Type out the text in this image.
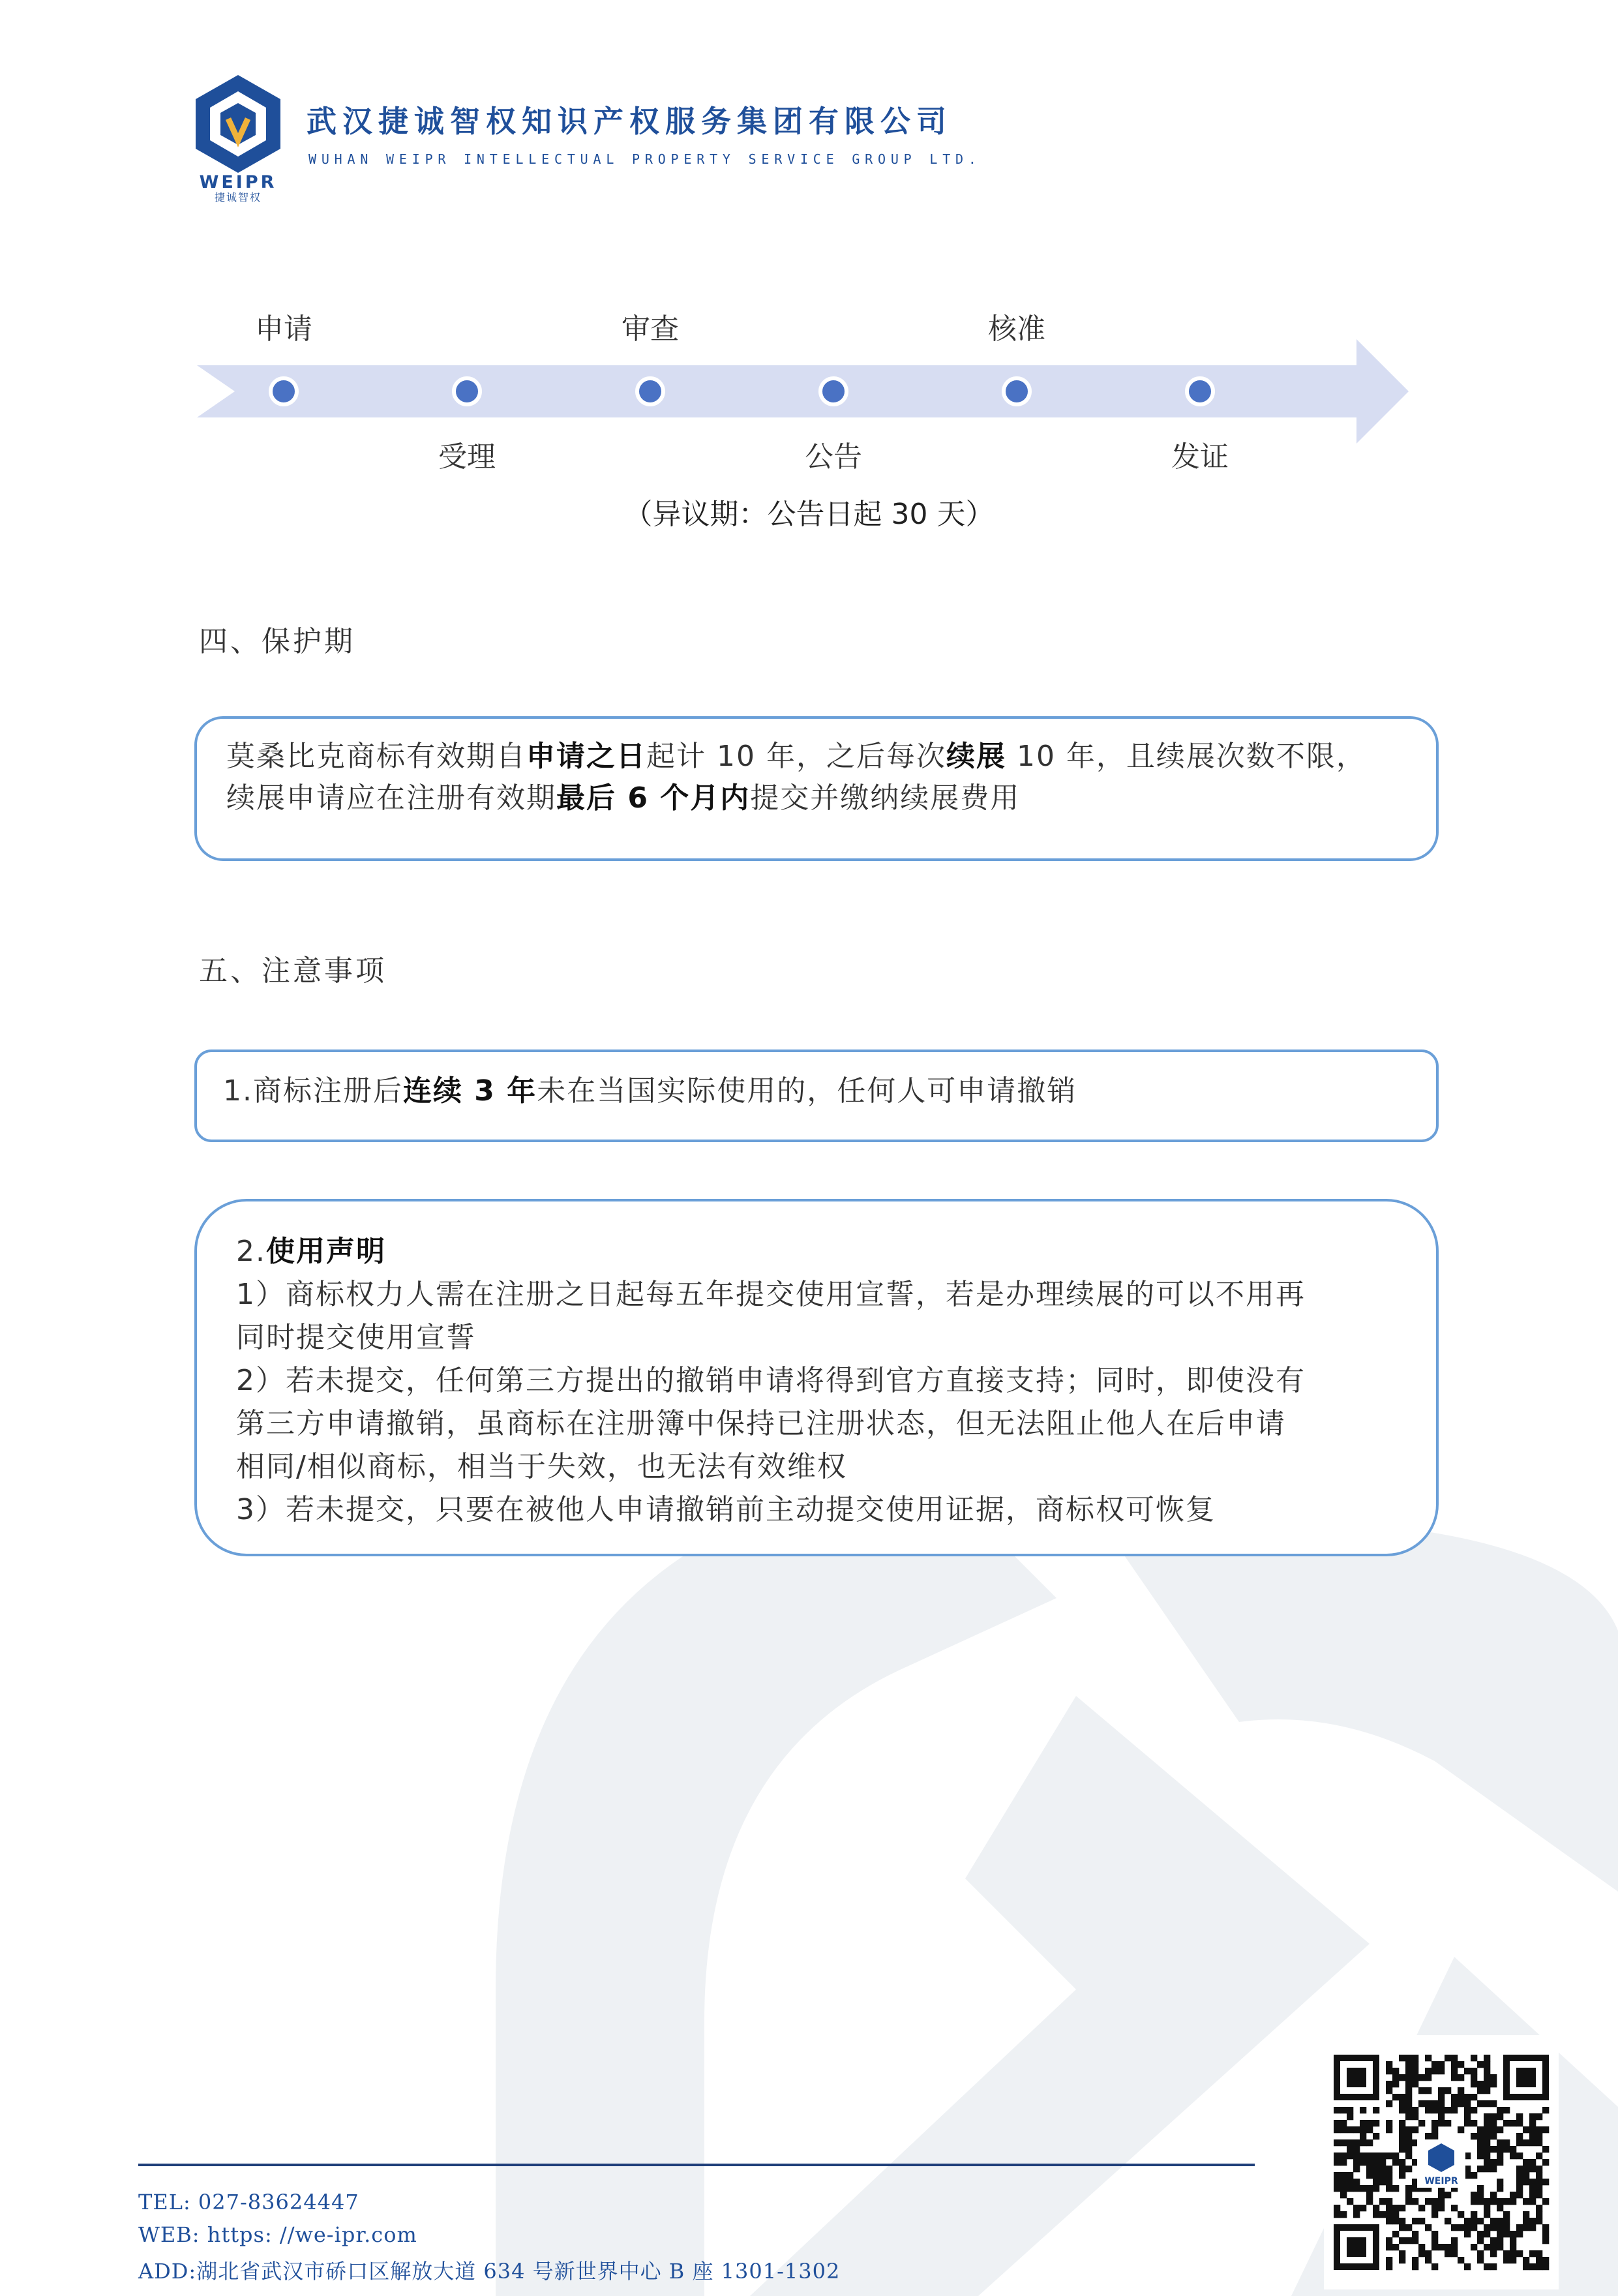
WEIPR
捷诚智权
武汉捷诚智权知识产权服务集团有限公司
WUHAN WEIPR INTELLECTUAL PROPERTY SERVICE GROUP LTD.
申请	审查	核准
受理	公告	发证
（异议期：公告日起 30 天）
四、保护期
莫桑比克商标有效期自申请之日起计 10 年，之后每次续展 10 年，且续展次数不限，
续展申请应在注册有效期最后 6 个月内提交并缴纳续展费用
五、注意事项
1.商标注册后连续 3 年未在当国实际使用的，任何人可申请撤销
2.使用声明
1）商标权力人需在注册之日起每五年提交使用宣誓，若是办理续展的可以不用再
同时提交使用宣誓
2）若未提交，任何第三方提出的撤销申请将得到官方直接支持；同时，即使没有
第三方申请撤销，虽商标在注册簿中保持已注册状态，但无法阻止他人在后申请
相同/相似商标，相当于失效，也无法有效维权
3）若未提交，只要在被他人申请撤销前主动提交使用证据，商标权可恢复
TEL: 027-83624447
WEB: https: //we-ipr.com
ADD:湖北省武汉市硚口区解放大道 634 号新世界中心 B 座 1301-1302
WEIPR
